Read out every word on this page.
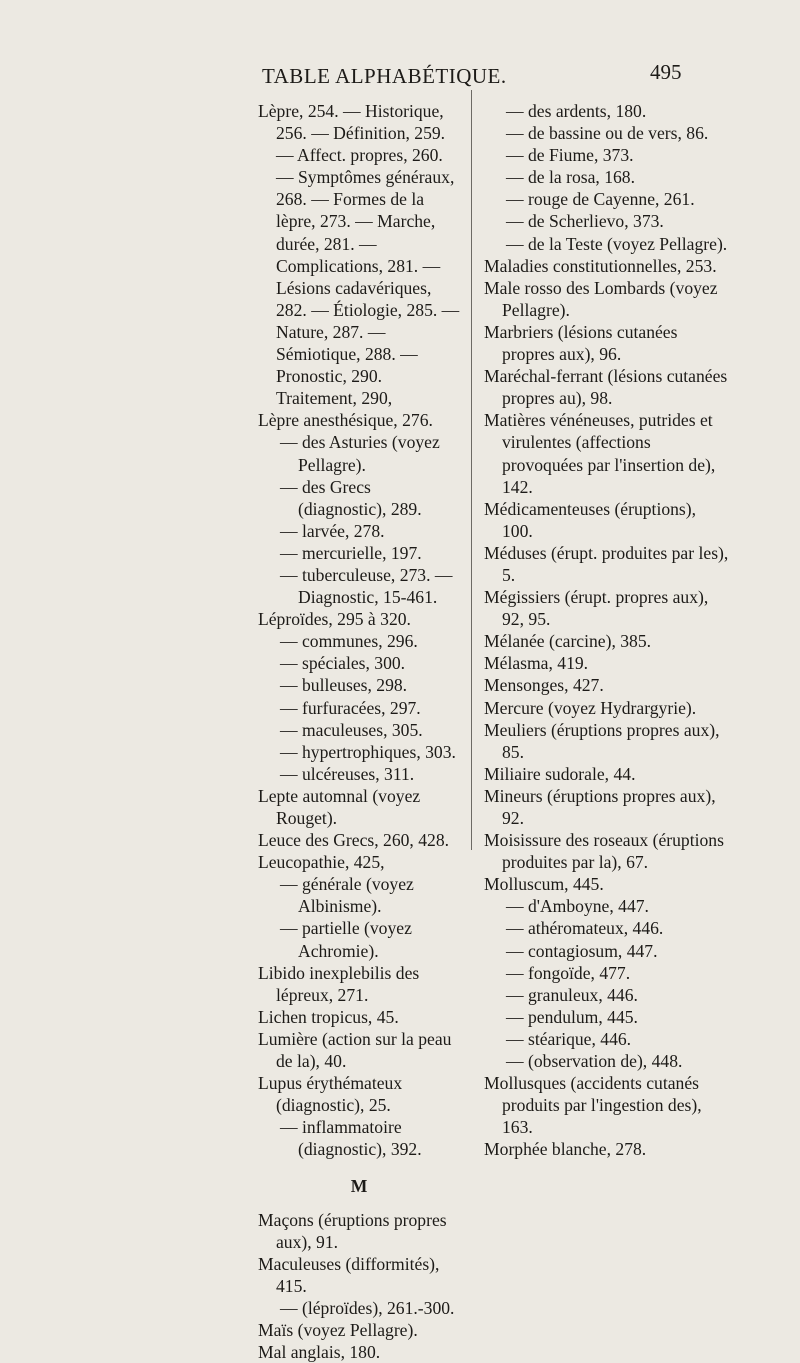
TABLE ALPHABÉTIQUE.	495

Lèpre, 254. — Historique, 256. — Définition, 259. — Affect. propres, 260. — Symptômes généraux, 268. — Formes de la lèpre, 273. — Marche, durée, 281. — Complications, 281. — Lésions cadavériques, 282. — Étiologie, 285. — Nature, 287. — Sémiotique, 288. — Pronostic, 290. Traitement, 290,

Lèpre anesthésique, 276.

— des Asturies (voyez Pellagre).

— des Grecs (diagnostic), 289.

— larvée, 278.

— mercurielle, 197.

— tuberculeuse, 273. — Diagnostic, 15-461.

Léproïdes, 295 à 320.

— communes, 296.

— spéciales, 300.

— bulleuses, 298.

— furfuracées, 297.

— maculeuses, 305.

— hypertrophiques, 303.

— ulcéreuses, 311.

Lepte automnal (voyez Rouget).

Leuce des Grecs, 260, 428.

Leucopathie, 425,

— générale (voyez Albinisme).

— partielle (voyez Achromie).

Libido inexplebilis des lépreux, 271.

Lichen tropicus, 45.

Lumière (action sur la peau de la), 40.

Lupus érythémateux (diagnostic), 25.

— inflammatoire (diagnostic), 392.

M

Maçons (éruptions propres aux), 91.

Maculeuses (difformités), 415.

— (léproïdes), 261.-300.

Maïs (voyez Pellagre).

Mal anglais, 180.

— des ardents, 180.

— de bassine ou de vers, 86.

— de Fiume, 373.

— de la rosa, 168.

— rouge de Cayenne, 261.

— de Scherlievo, 373.

— de la Teste (voyez Pellagre).

Maladies constitutionnelles, 253.

Male rosso des Lombards (voyez Pellagre).

Marbriers (lésions cutanées propres aux), 96.

Maréchal-ferrant (lésions cutanées propres au), 98.

Matières vénéneuses, putrides et virulentes (affections provoquées par l'insertion de), 142.

Médicamenteuses (éruptions), 100.

Méduses (érupt. produites par les), 5.

Mégissiers (érupt. propres aux), 92, 95.

Mélanée (carcine), 385.

Mélasma, 419.

Mensonges, 427.

Mercure (voyez Hydrargyrie).

Meuliers (éruptions propres aux), 85.

Miliaire sudorale, 44.

Mineurs (éruptions propres aux), 92.

Moisissure des roseaux (éruptions produites par la), 67.

Molluscum, 445.

— d'Amboyne, 447.

— athéromateux, 446.

— contagiosum, 447.

— fongoïde, 477.

— granuleux, 446.

— pendulum, 445.

— stéarique, 446.

— (observation de), 448.

Mollusques (accidents cutanés produits par l'ingestion des), 163.

Morphée blanche, 278.
